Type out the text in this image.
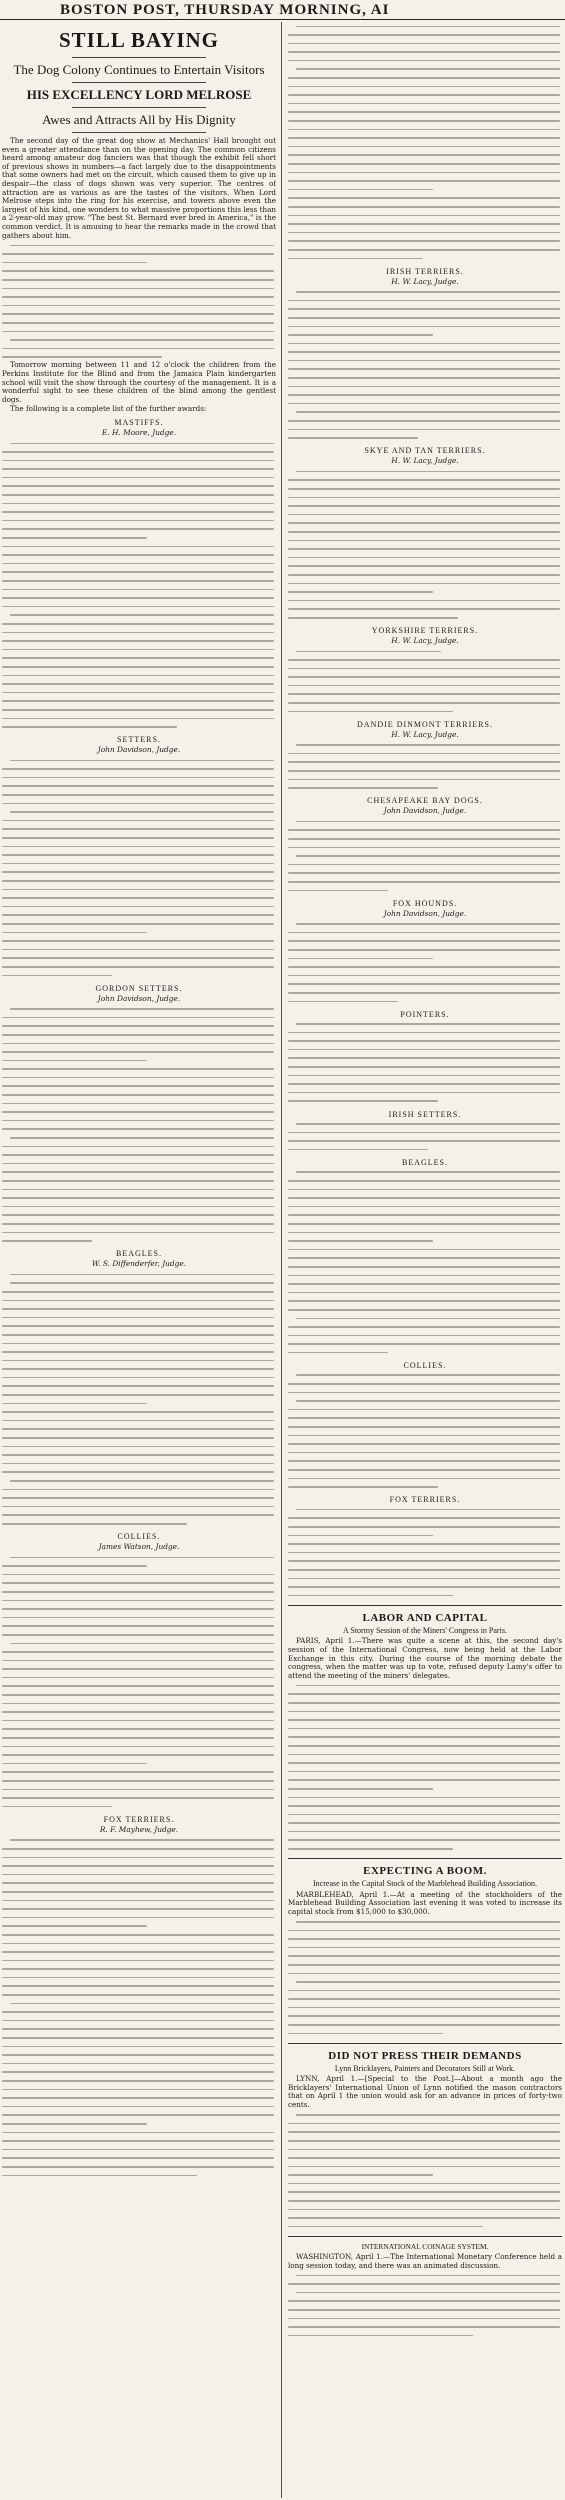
BOSTON POST, THURSDAY MORNING, AI
STILL BAYING
The Dog Colony Continues to Entertain Visitors
HIS EXCELLENCY LORD MELROSE
Awes and Attracts All by His Dignity

The second day of the great dog show at Mechanics' Hall brought out even a greater attendance than on the opening day. The common citizens heard among amateur dog fanciers was that though the exhibit fell short of previous shows in numbers—a fact largely due to the disappointments that some owners had met on the circuit, which caused them to give up in despair—the class of dogs shown was very superior. The centres of attraction are as various as are the tastes of the visitors. When Lord Melrose steps into the ring for his exercise, and towers above even the largest of his kind, one wonders to what massive proportions this less than a 2-year-old may grow. "The best St. Bernard ever bred in America," is the common verdict. It is amusing to hear the remarks made in the crowd that gathers about him.

Tomorrow morning between 11 and 12 o'clock the children from the Perkins Institute for the Blind and from the Jamaica Plain kindergarten school will visit the show through the courtesy of the management. It is a wonderful sight to see these children of the blind among the gentlest dogs.

The following is a complete list of the further awards:

MASTIFFS.
E. H. Moore, Judge.
SETTERS.
John Davidson, Judge.
GORDON SETTERS.
John Davidson, Judge.
BEAGLES.
W. S. Diffenderfer, Judge.
COLLIES.
James Watson, Judge.
FOX TERRIERS.
R. F. Mayhew, Judge.
IRISH TERRIERS.
H. W. Lacy, Judge.
SKYE AND TAN TERRIERS.
H. W. Lacy, Judge.
YORKSHIRE TERRIERS.
H. W. Lacy, Judge.
DANDIE DINMONT TERRIERS.
H. W. Lacy, Judge.
CHESAPEAKE BAY DOGS.
John Davidson, Judge.
FOX HOUNDS.
John Davidson, Judge.
POINTERS.
IRISH SETTERS.
BEAGLES.
COLLIES.
FOX TERRIERS.
LABOR AND CAPITAL
A Stormy Session of the Miners' Congress in Paris.

PARIS, April 1.—There was quite a scene at this, the second day's session of the International Congress, now being held at the Labor Exchange in this city. During the course of the morning debate the congress, when the matter was up to vote, refused deputy Lamy's offer to attend the meeting of the miners' delegates.

EXPECTING A BOOM.
Increase in the Capital Stock of the Marblehead Building Association.

MARBLEHEAD, April 1.—At a meeting of the stockholders of the Marblehead Building Association last evening it was voted to increase its capital stock from $15,000 to $30,000.

DID NOT PRESS THEIR DEMANDS
Lynn Bricklayers, Painters and Decorators Still at Work.

LYNN, April 1.—[Special to the Post.]—About a month ago the Bricklayers' International Union of Lynn notified the mason contractors that on April 1 the union would ask for an advance in prices of forty-two cents.

INTERNATIONAL COINAGE SYSTEM.

WASHINGTON, April 1.—The International Monetary Conference held a long session today, and there was an animated discussion.
